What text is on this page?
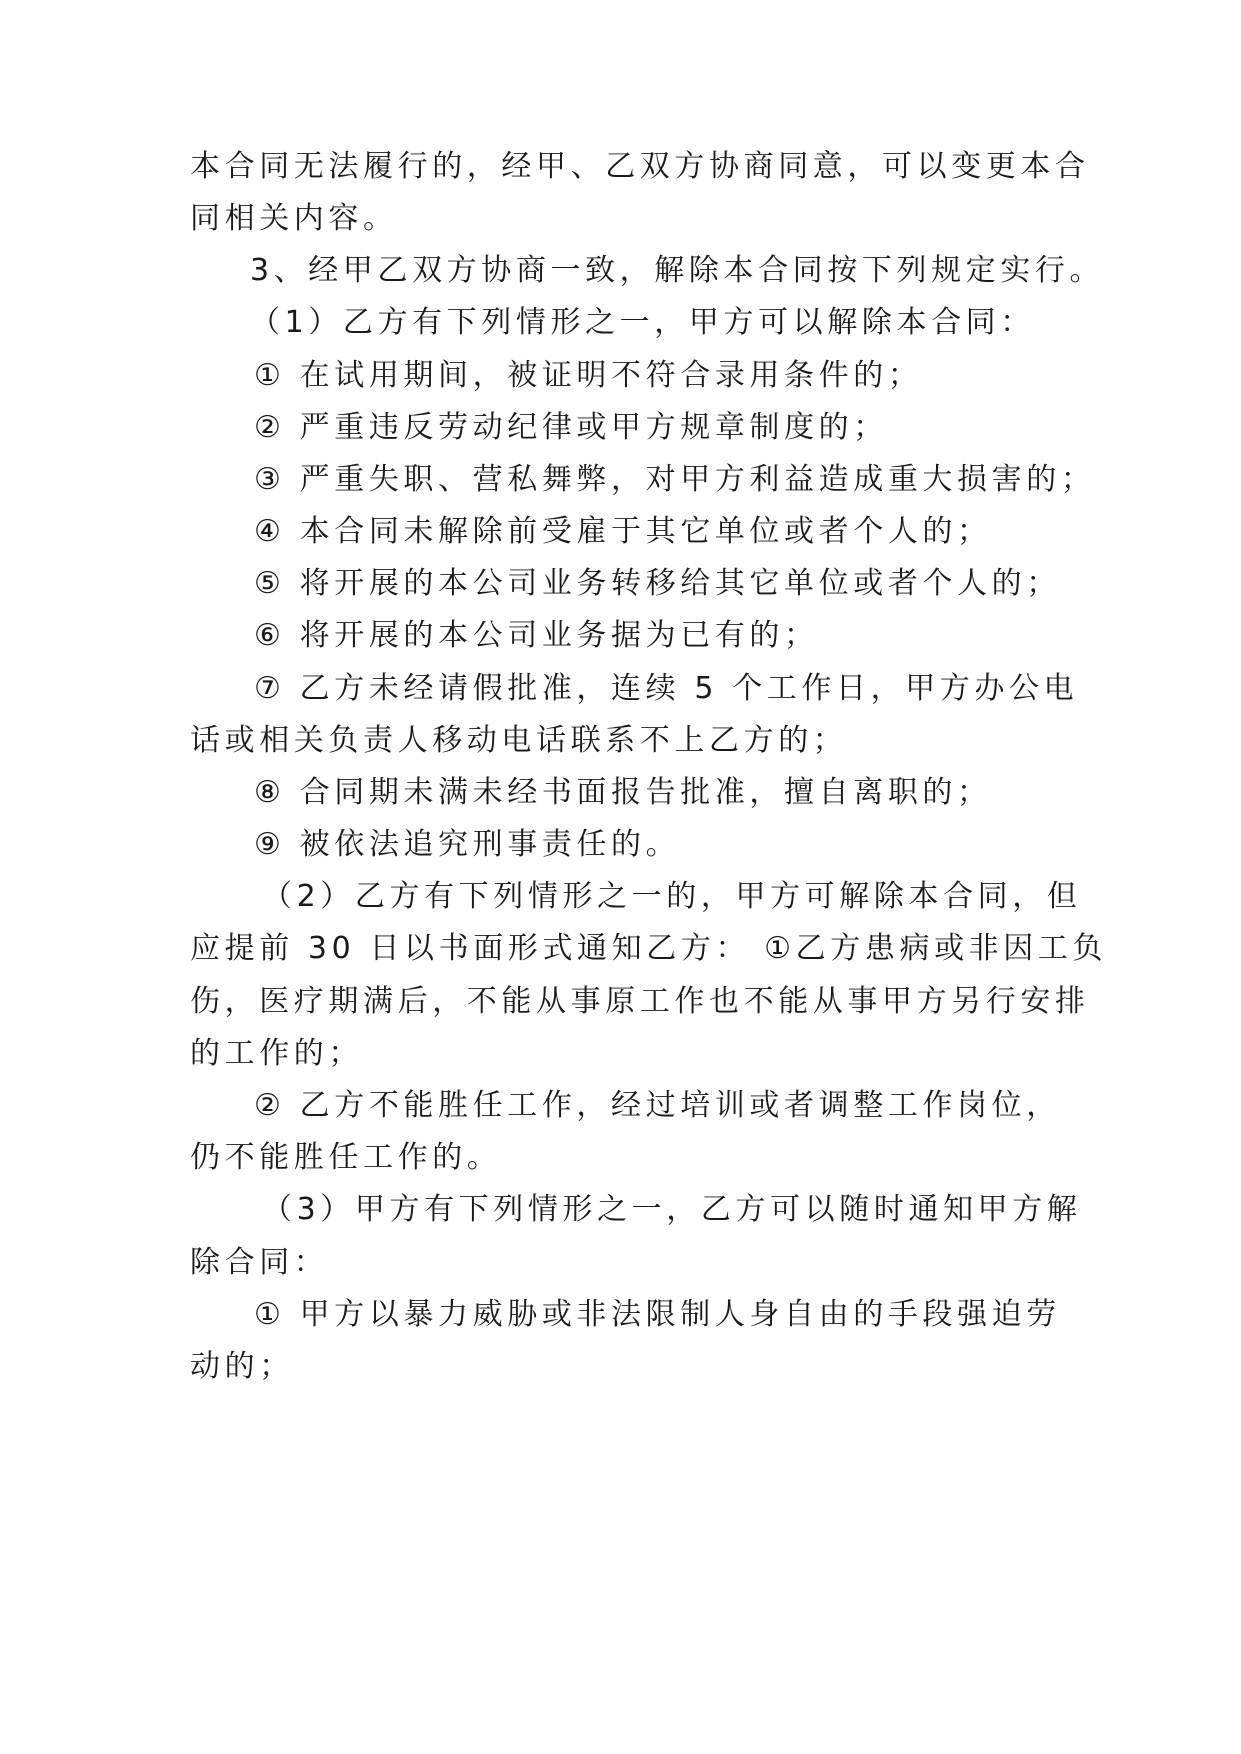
本合同无法履行的，经甲、乙双方协商同意，可以变更本合
同相关内容。
3、经甲乙双方协商一致，解除本合同按下列规定实行。
（1）乙方有下列情形之一，甲方可以解除本合同：
① 在试用期间，被证明不符合录用条件的；
② 严重违反劳动纪律或甲方规章制度的；
③ 严重失职、营私舞弊，对甲方利益造成重大损害的；
④ 本合同未解除前受雇于其它单位或者个人的；
⑤ 将开展的本公司业务转移给其它单位或者个人的；
⑥ 将开展的本公司业务据为已有的；
⑦ 乙方未经请假批准，连续 5 个工作日，甲方办公电
话或相关负责人移动电话联系不上乙方的；
⑧ 合同期未满未经书面报告批准，擅自离职的；
⑨ 被依法追究刑事责任的。
（2）乙方有下列情形之一的，甲方可解除本合同，但
应提前 30 日以书面形式通知乙方： ①乙方患病或非因工负
伤，医疗期满后，不能从事原工作也不能从事甲方另行安排
的工作的；
② 乙方不能胜任工作，经过培训或者调整工作岗位，
仍不能胜任工作的。
（3）甲方有下列情形之一，乙方可以随时通知甲方解
除合同：
① 甲方以暴力威胁或非法限制人身自由的手段强迫劳
动的；
